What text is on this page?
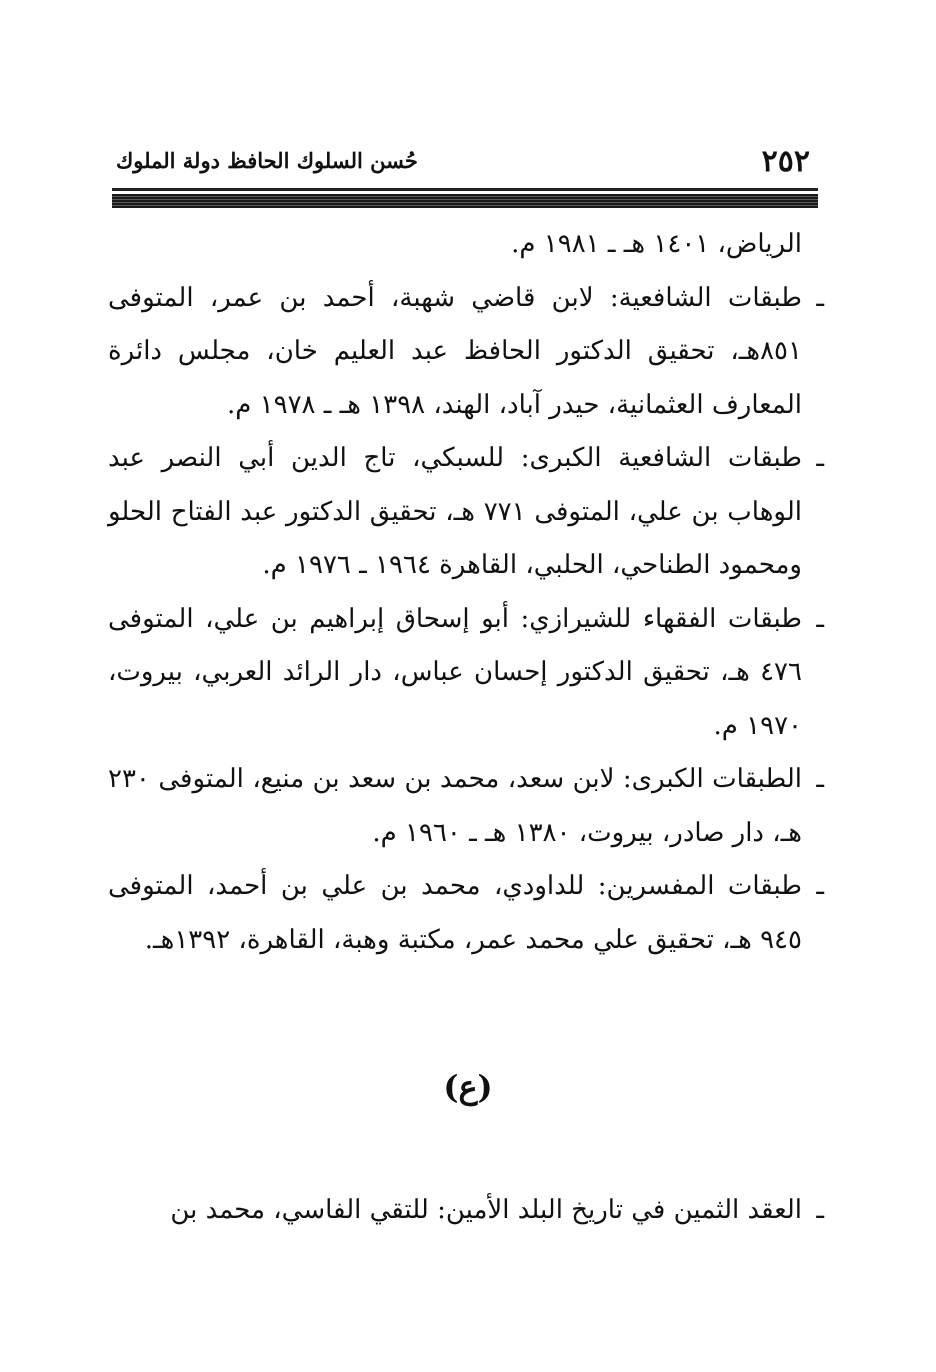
٢٥٢
حُسن السلوك الحافظ دولة الملوك

الرياض، ١٤٠١ هـ ـ ١٩٨١ م.

ـ
طبقات الشافعية: لابن قاضي شهبة، أحمد بن عمر، المتوفى ٨٥١هـ، تحقيق الدكتور الحافظ عبد العليم خان، مجلس دائرة المعارف العثمانية، حيدر آباد، الهند، ١٣٩٨ هـ ـ ١٩٧٨ م.

ـ
طبقات الشافعية الكبرى: للسبكي، تاج الدين أبي النصر عبد الوهاب بن علي، المتوفى ٧٧١ هـ، تحقيق الدكتور عبد الفتاح الحلو ومحمود الطناحي، الحلبي، القاهرة ١٩٦٤ ـ ١٩٧٦ م.

ـ
طبقات الفقهاء للشيرازي: أبو إسحاق إبراهيم بن علي، المتوفى ٤٧٦ هـ، تحقيق الدكتور إحسان عباس، دار الرائد العربي، بيروت، ١٩٧٠ م.

ـ
الطبقات الكبرى: لابن سعد، محمد بن سعد بن منيع، المتوفى ٢٣٠ هـ، دار صادر، بيروت، ١٣٨٠ هـ ـ ١٩٦٠ م.

ـ
طبقات المفسرين: للداودي، محمد بن علي بن أحمد، المتوفى ٩٤٥ هـ، تحقيق علي محمد عمر، مكتبة وهبة، القاهرة، ١٣٩٢هـ.

(ع)

ـ
العقد الثمين في تاريخ البلد الأمين: للتقي الفاسي، محمد بن
